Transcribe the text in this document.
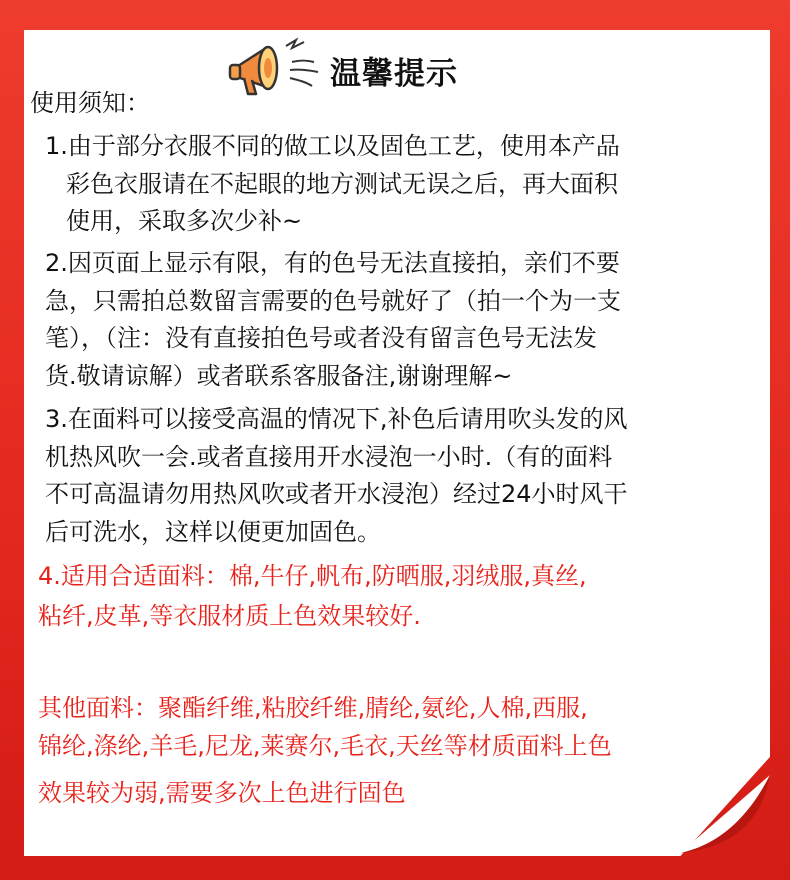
温馨提示
使用须知：
1.由于部分衣服不同的做工以及固色工艺，使用本产品
彩色衣服请在不起眼的地方测试无误之后，再大面积
使用，采取多次少补~
2.因页面上显示有限，有的色号无法直接拍，亲们不要
急，只需拍总数留言需要的色号就好了（拍一个为一支
笔），（注：没有直接拍色号或者没有留言色号无法发
货.敬请谅解）或者联系客服备注,谢谢理解~
3.在面料可以接受高温的情况下,补色后请用吹头发的风
机热风吹一会.或者直接用开水浸泡一小时.（有的面料
不可高温请勿用热风吹或者开水浸泡）经过24小时风干
后可洗水，这样以便更加固色。
4.适用合适面料：棉,牛仔,帆布,防晒服,羽绒服,真丝,
粘纤,皮革,等衣服材质上色效果较好.
其他面料：聚酯纤维,粘胶纤维,腈纶,氨纶,人棉,西服,
锦纶,涤纶,羊毛,尼龙,莱赛尔,毛衣,天丝等材质面料上色
效果较为弱,需要多次上色进行固色
